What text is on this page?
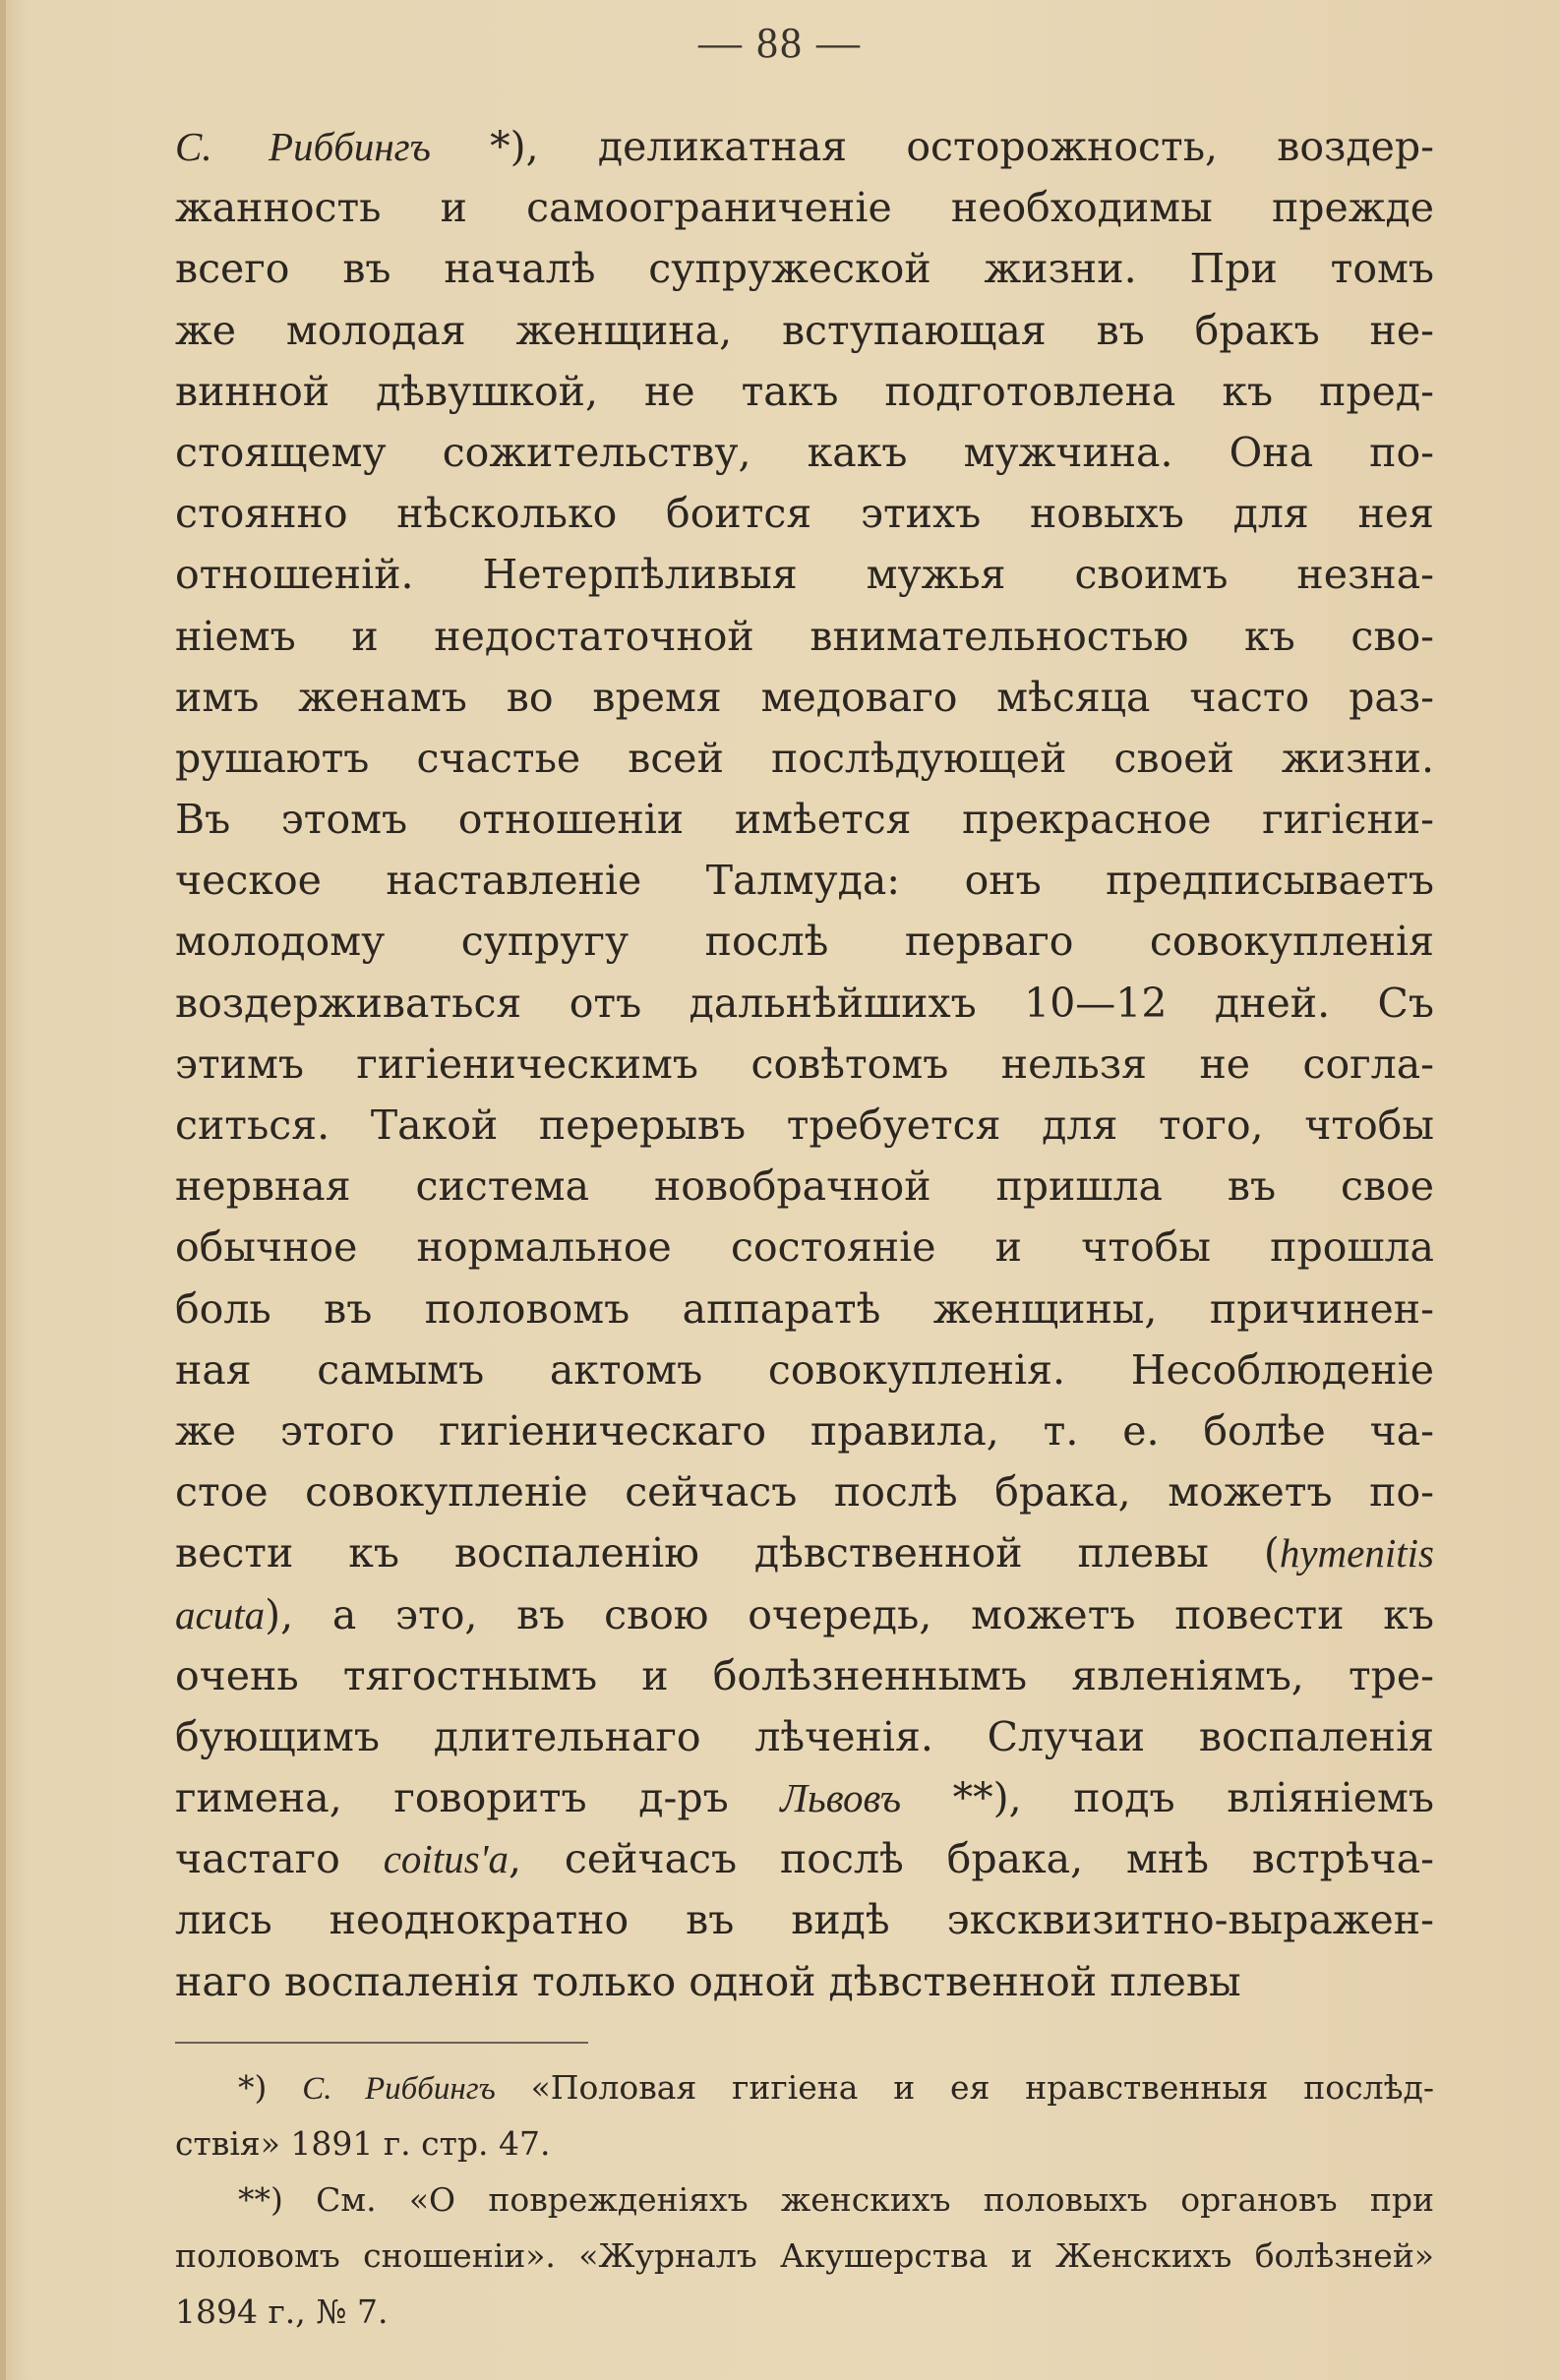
— 88 —
С. Риббингъ *), деликатная осторожность, воздер-
жанность и самоограниченіе необходимы прежде
всего въ началѣ супружеской жизни. При томъ
же молодая женщина, вступающая въ бракъ не-
винной дѣвушкой, не такъ подготовлена къ пред-
стоящему сожительству, какъ мужчина. Она по-
стоянно нѣсколько боится этихъ новыхъ для нея
отношеній. Нетерпѣливыя мужья своимъ незна-
ніемъ и недостаточной внимательностью къ сво-
имъ женамъ во время медоваго мѣсяца часто раз-
рушаютъ счастье всей послѣдующей своей жизни.
Въ этомъ отношеніи имѣется прекрасное гигієни-
ческое наставленіе Талмуда: онъ предписываетъ
молодому супругу послѣ перваго совокупленія
воздерживаться отъ дальнѣйшихъ 10—12 дней. Съ
этимъ гигіеническимъ совѣтомъ нельзя не согла-
ситься. Такой перерывъ требуется для того, чтобы
нервная система новобрачной пришла въ свое
обычное нормальное состояніе и чтобы прошла
боль въ половомъ аппаратѣ женщины, причинен-
ная самымъ актомъ совокупленія. Несоблюденіе
же этого гигіеническаго правила, т. е. болѣе ча-
стое совокупленіе сейчасъ послѣ брака, можетъ по-
вести къ воспаленію дѣвственной плевы (hymenitis
acuta), а это, въ свою очередь, можетъ повести къ
очень тягостнымъ и болѣзненнымъ явленіямъ, тре-
бующимъ длительнаго лѣченія. Случаи воспаленія
гимена, говоритъ д-ръ Львовъ **), подъ вліяніемъ
частаго coitus'a, сейчасъ послѣ брака, мнѣ встрѣча-
лись неоднократно въ видѣ экcквизитно-выражен-
наго воспаленія только одной дѣвственной плевы
*) С. Риббингъ «Половая гигіена и ея нравственныя послѣд-
ствія» 1891 г. стр. 47.
**) См. «О поврежденіяхъ женскихъ половыхъ органовъ при
половомъ сношеніи». «Журналъ Акушерства и Женскихъ болѣзней»
1894 г., № 7.
